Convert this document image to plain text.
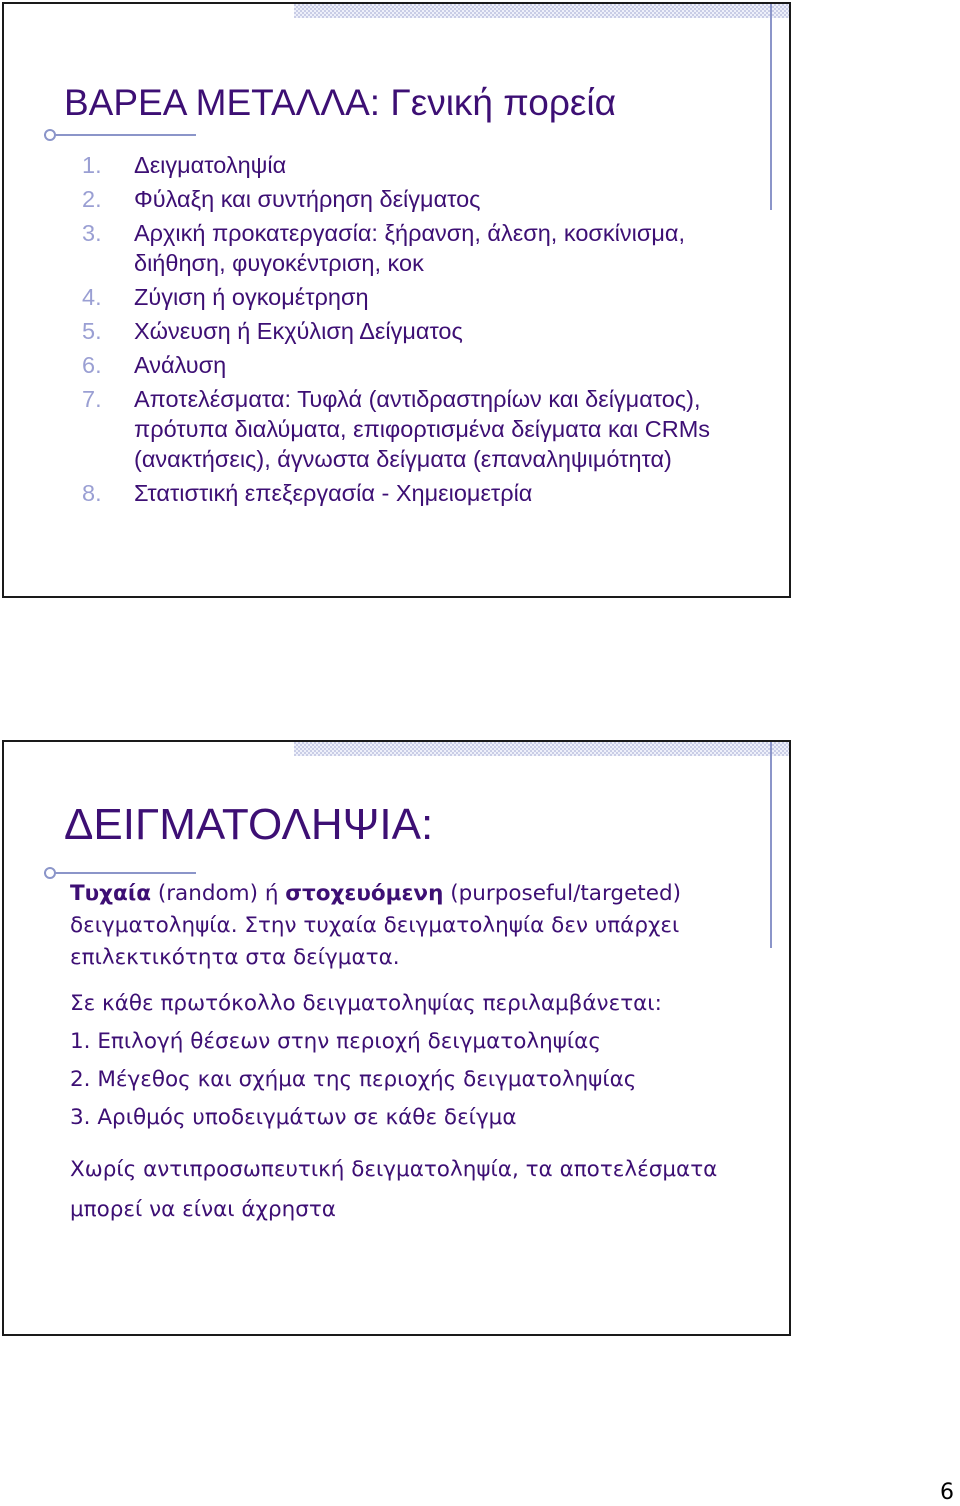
ΒΑΡΕΑ ΜΕΤΑΛΛΑ: Γενική πορεία
1.	Δειγματοληψία
2.	Φύλαξη και συντήρηση δείγματος
3.	Αρχική προκατεργασία: ξήρανση, άλεση, κοσκίνισμα, διήθηση, φυγοκέντριση, κοκ
4.	Ζύγιση ή ογκομέτρηση
5.	Χώνευση ή Εκχύλιση Δείγματος
6.	Ανάλυση
7.	Αποτελέσματα: Τυφλά (αντιδραστηρίων και δείγματος), πρότυπα διαλύματα, επιφορτισμένα δείγματα και CRMs (ανακτήσεις), άγνωστα δείγματα (επαναληψιμότητα)
8.	Στατιστική επεξεργασία - Χημειομετρία
ΔΕΙΓΜΑΤΟΛΗΨΙΑ:

Τυχαία (random) ή στοχευόμενη (purposeful/targeted) δειγματοληψία. Στην τυχαία δειγματοληψία δεν υπάρχει επιλεκτικότητα στα δείγματα.

Σε κάθε πρωτόκολλο δειγματοληψίας περιλαμβάνεται:

1. Επιλογή θέσεων στην περιοχή δειγματοληψίας

2. Μέγεθος και σχήμα της περιοχής δειγματοληψίας

3. Αριθμός υποδειγμάτων σε κάθε δείγμα

Χωρίς αντιπροσωπευτική δειγματοληψία, τα αποτελέσματα μπορεί να είναι άχρηστα

6
